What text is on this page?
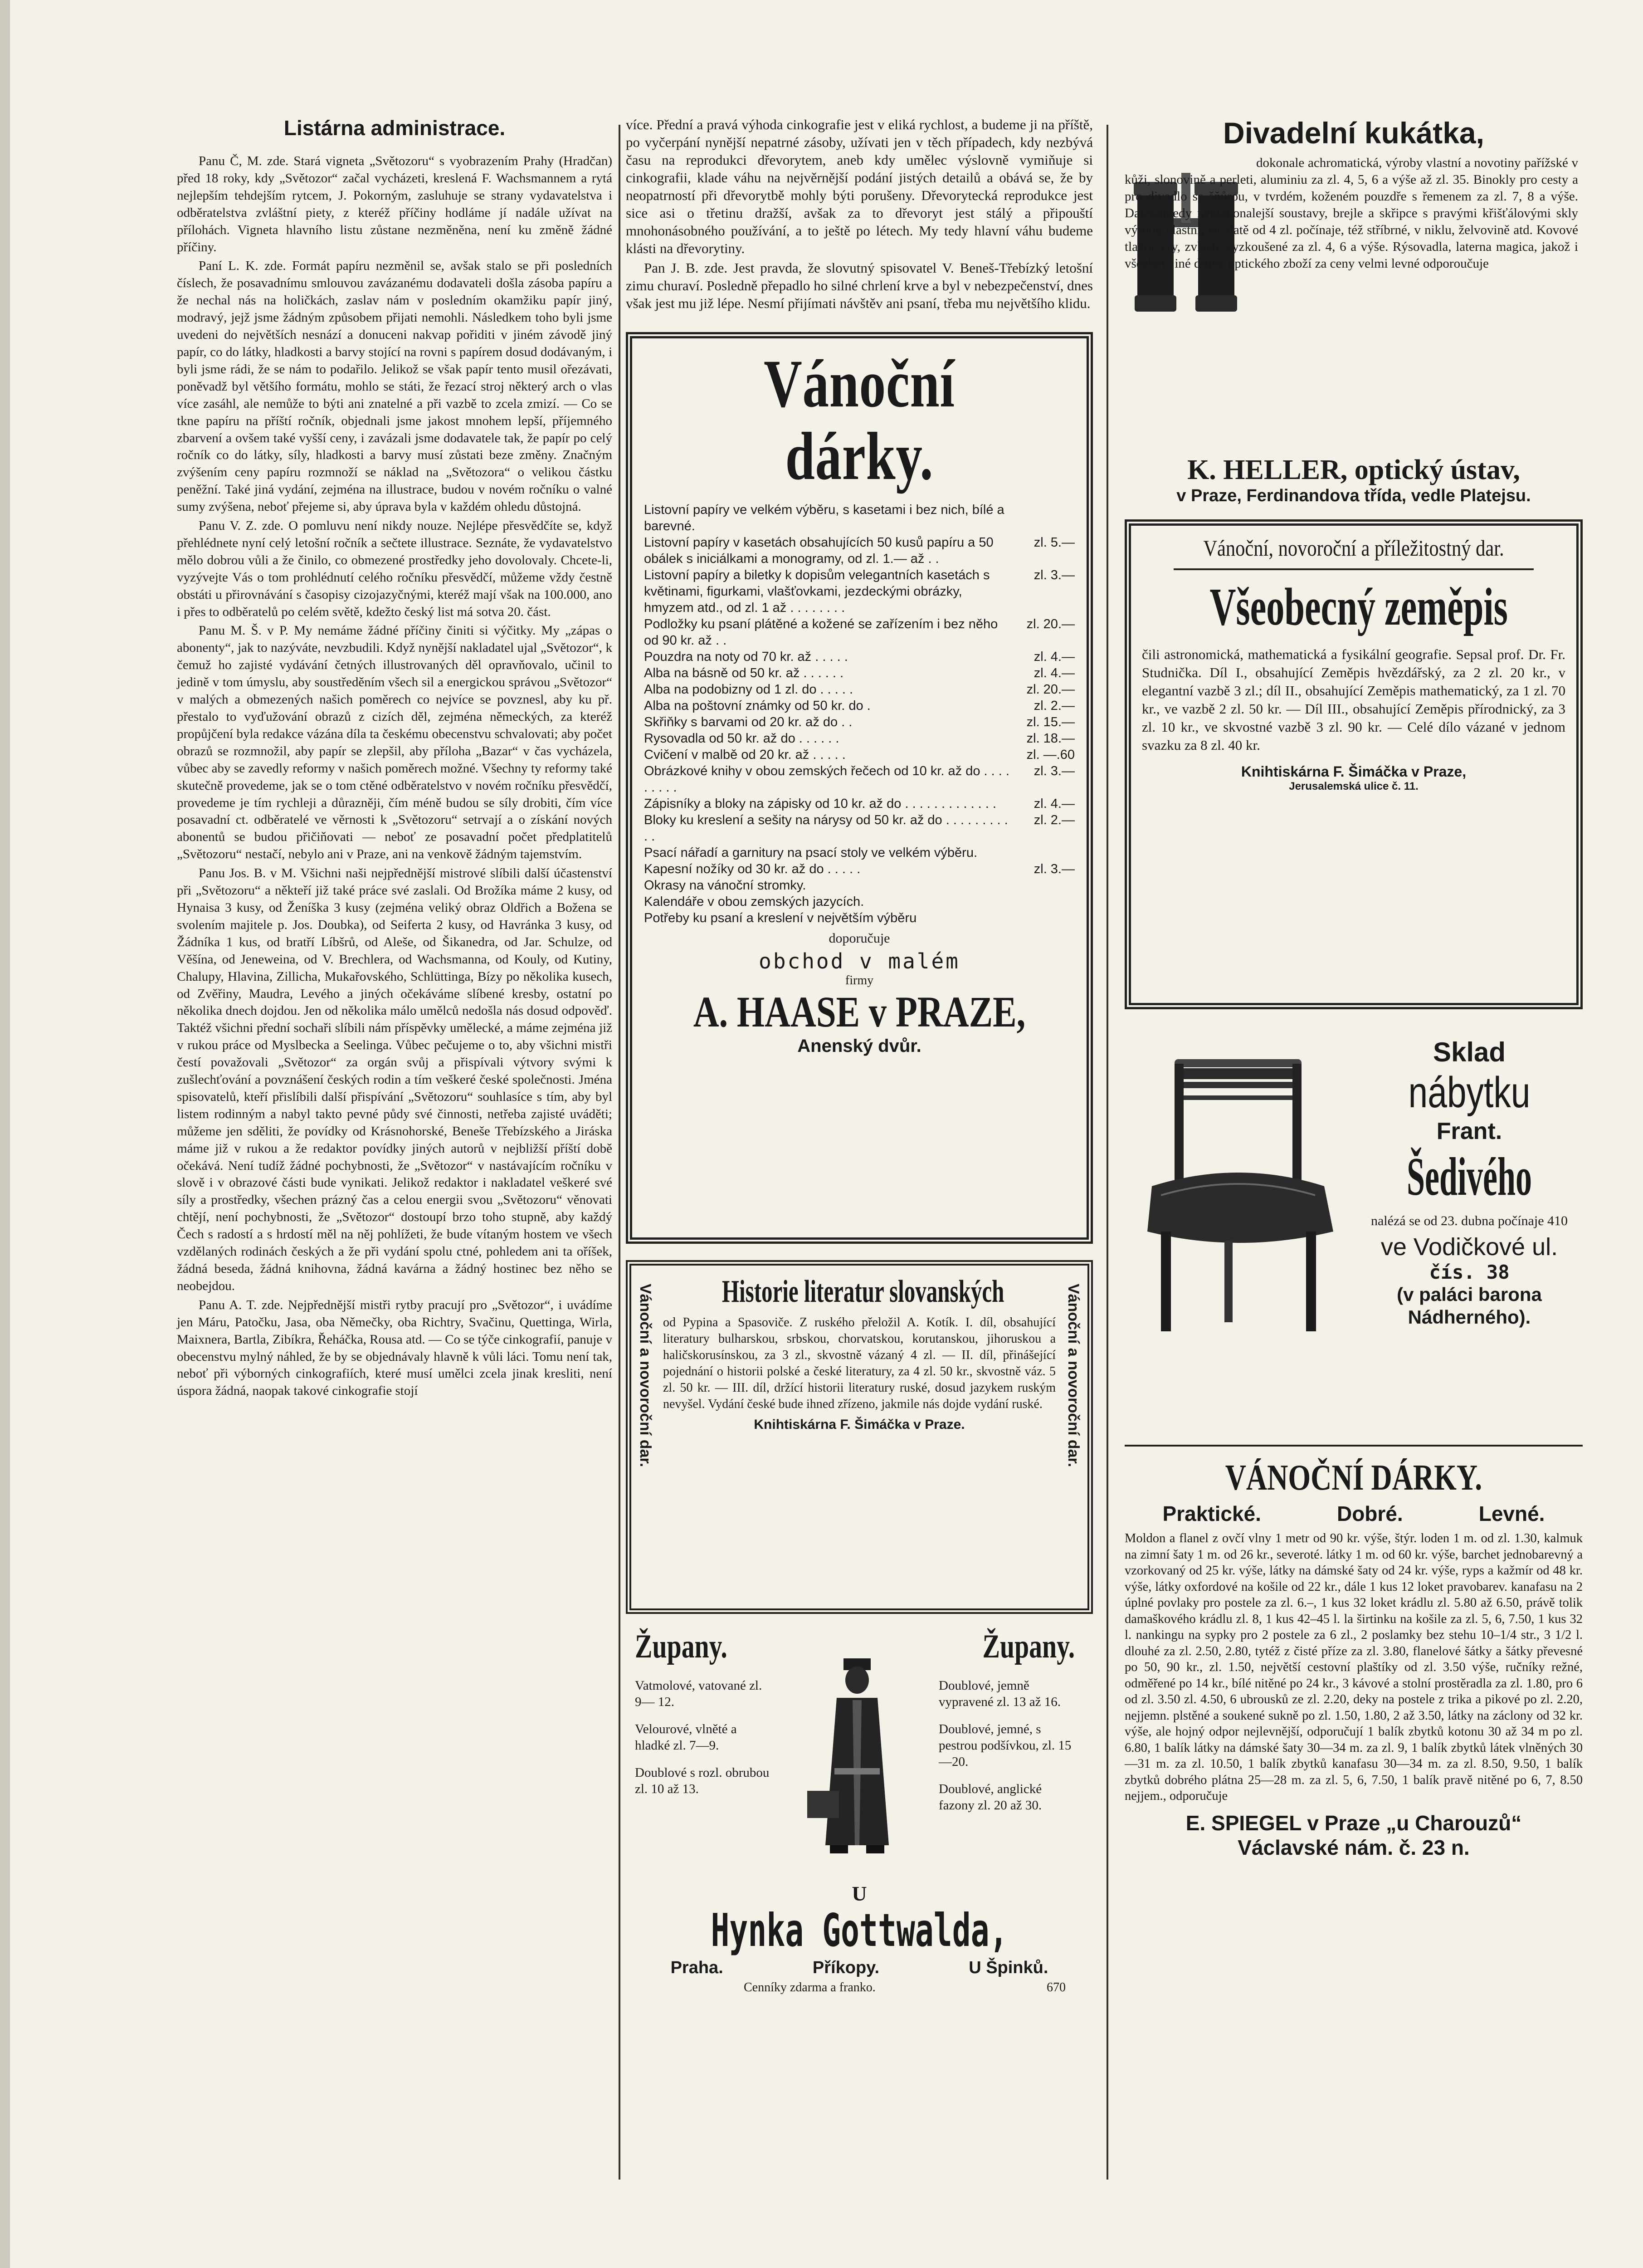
Listárna administrace.

Panu Č, M. zde. Stará vigneta „Světozoru“ s vyobrazením Prahy (Hradčan) před 18 roky, kdy „Světozor“ začal vycházeti, kreslená F. Wachsmannem a rytá nejlepším tehdejším rytcem, J. Pokorným, zasluhuje se strany vydavatelstva i odběratelstva zvláštní piety, z kteréž příčiny hodláme jí nadále užívat na přílohách. Vigneta hlavního listu zůstane nezměněna, není ku změně žádné příčiny.

Paní L. K. zde. Formát papíru nezměnil se, avšak stalo se při posledních číslech, že posavadnímu smlouvou zavázanému dodavateli došla zásoba papíru a že nechal nás na holičkách, zaslav nám v posledním okamžiku papír jiný, modravý, jejž jsme žádným způsobem přijati nemohli. Následkem toho byli jsme uvedeni do největších nesnází a donuceni nakvap pořiditi v jiném závodě jiný papír, co do látky, hladkosti a barvy stojící na rovni s papírem dosud dodávaným, i byli jsme rádi, že se nám to podařilo. Jelikož se však papír tento musil ořezávati, poněvadž byl většího formátu, mohlo se státi, že řezací stroj některý arch o vlas více zasáhl, ale nemůže to býti ani znatelné a při vazbě to zcela zmizí. — Co se tkne papíru na příští ročník, objednali jsme jakost mnohem lepší, příjemného zbarvení a ovšem také vyšší ceny, i zavázali jsme dodavatele tak, že papír po celý ročník co do látky, síly, hladkosti a barvy musí zůstati beze změny. Značným zvýšením ceny papíru rozmnoží se náklad na „Světozora“ o velikou částku peněžní. Také jiná vydání, zejména na illustrace, budou v novém ročníku o valné sumy zvýšena, neboť přejeme si, aby úprava byla v každém ohledu důstojná.

Panu V. Z. zde. O pomluvu není nikdy nouze. Nejlépe přesvědčíte se, když přehlédnete nyní celý letošní ročník a sečtete illustrace. Seznáte, že vydavatelstvo mělo dobrou vůli a že činilo, co obmezené prostředky jeho dovolovaly. Chcete-li, vyzývejte Vás o tom prohlédnutí celého ročníku přesvědčí, můžeme vždy čestně obstáti u přirovnávání s časopisy cizojazyčnými, kteréž mají však na 100.000, ano i přes to odběratelů po celém světě, kdežto český list má sotva 20. část.

Panu M. Š. v P. My nemáme žádné příčiny činiti si výčitky. My „zápas o abonenty“, jak to nazýváte, nevzbudili. Když nynější nakladatel ujal „Světozor“, k čemuž ho zajisté vydávání četných illustrovaných děl opravňovalo, učinil to jedině v tom úmyslu, aby soustředěním všech sil a energickou správou „Světozor“ v malých a obmezených našich poměrech co nejvíce se povznesl, aby ku př. přestalo to vyďužování obrazů z cizích děl, zejména německých, za kteréž propůjčení byla redakce vázána díla ta českému obecenstvu schvalovati; aby počet obrazů se rozmnožil, aby papír se zlepšil, aby příloha „Bazar“ v čas vycházela, vůbec aby se zavedly reformy v našich poměrech možné. Všechny ty reformy také skutečně provedeme, jak se o tom ctěné odběratelstvo v novém ročníku přesvědčí, provedeme je tím rychleji a důrazněji, čím méně budou se síly drobiti, čím více posavadní ct. odběratelé ve věrnosti k „Světozoru“ setrvají a o získání nových abonentů se budou přičiňovati — neboť ze posavadní počet předplatitelů „Světozoru“ nestačí, nebylo ani v Praze, ani na venkově žádným tajemstvím.

Panu Jos. B. v M. Všichni naši nejpřednější mistrové slíbili další účastenství při „Světozoru“ a někteří již také práce své zaslali. Od Brožíka máme 2 kusy, od Hynaisa 3 kusy, od Ženíška 3 kusy (zejména veliký obraz Oldřich a Božena se svolením majitele p. Jos. Doubka), od Seiferta 2 kusy, od Havránka 3 kusy, od Žádníka 1 kus, od bratří Líbšrů, od Aleše, od Šikanedra, od Jar. Schulze, od Věšína, od Jeneweina, od V. Brechlera, od Wachsmanna, od Kouly, od Kutiny, Chalupy, Hlavina, Zillicha, Mukařovského, Schlüttinga, Bízy po několika kusech, od Zvěřiny, Maudra, Levého a jiných očekáváme slíbené kresby, ostatní po několika dnech dojdou. Jen od několika málo umělců nedošla nás dosud odpověď. Taktéž všichni přední sochaři slíbili nám příspěvky umělecké, a máme zejména již v rukou práce od Myslbecka a Seelinga. Vůbec pečujeme o to, aby všichni mistři čestí považovali „Světozor“ za orgán svůj a přispívali výtvory svými k zušlechťování a povznášení českých rodin a tím veškeré české společnosti. Jména spisovatelů, kteří přislíbili další přispívání „Světozoru“ souhlasíce s tím, aby byl listem rodinným a nabyl takto pevné půdy své činnosti, netřeba zajisté uváděti; můžeme jen sděliti, že povídky od Krásnohorské, Beneše Třebízského a Jiráska máme již v rukou a že redaktor povídky jiných autorů v nejbližší příští době očekává. Není tudíž žádné pochybnosti, že „Světozor“ v nastávajícím ročníku v slově i v obrazové části bude vynikati. Jelikož redaktor i nakladatel veškeré své síly a prostředky, všechen prázný čas a celou energii svou „Světozoru“ věnovati chtějí, není pochybnosti, že „Světozor“ dostoupí brzo toho stupně, aby každý Čech s radostí a s hrdostí měl na něj pohlížeti, že bude vítaným hostem ve všech vzdělaných rodinách českých a že při vydání spolu ctné, pohledem ani ta oříšek, žádná beseda, žádná knihovna, žádná kavárna a žádný hostinec bez něho se neobejdou.

Panu A. T. zde. Nejpřednější mistři rytby pracují pro „Světozor“, i uvádíme jen Máru, Patočku, Jasa, oba Němečky, oba Richtry, Svačinu, Quettinga, Wirla, Maixnera, Bartla, Zibíkra, Řeháčka, Rousa atd. — Co se týče cinkografií, panuje v obecenstvu mylný náhled, že by se objednávaly hlavně k vůli láci. Tomu není tak, neboť při výborných cinkografiích, které musí umělci zcela jinak kresliti, není úspora žádná, naopak takové cinkografie stojí

více. Přední a pravá výhoda cinkografie jest v eliká rychlost, a budeme ji na příště, po vyčerpání nynější nepatrné zásoby, užívati jen v těch případech, kdy nezbývá času na reprodukci dřevorytem, aneb kdy umělec výslovně vymiňuje si cinkografii, klade váhu na nejvěrnější podání jistých detailů a obává se, že by neopatrností při dřevorytbě mohly býti porušeny. Dřevorytecká reprodukce jest sice asi o třetinu dražší, avšak za to dřevoryt jest stálý a připouští mnohonásobného používání, a to ještě po létech. My tedy hlavní váhu budeme klásti na dřevorytiny.

Pan J. B. zde. Jest pravda, že slovutný spisovatel V. Beneš-Třebízký letošní zimu churaví. Posledně přepadlo ho silné chrlení krve a byl v nebezpečenství, dnes však jest mu již lépe. Nesmí přijímati návštěv ani psaní, třeba mu největšího klidu.

Vánoční dárky.
Listovní papíry ve velkém výběru, s kasetami i bez nich, bílé a barevné.
Listovní papíry v kasetách obsahujících 50 kusů papíru a 50 obálek s iniciálkami a monogramy, od zl. 1.— až . .
zl. 5.—
Listovní papíry a biletky k dopisům velegantních kasetách s květinami, figurkami, vlašťovkami, jezdeckými obrázky, hmyzem atd., od zl. 1 až . . . . . . . .
zl. 3.—
Podložky ku psaní plátěné a kožené se zařízením i bez něho od 90 kr. až . .
zl. 20.—
Pouzdra na noty od 70 kr. až . . . . .	zl. 4.—
Alba na básně od 50 kr. až . . . . . .	zl. 4.—
Alba na podobizny od 1 zl. do . . . . .	zl. 20.—
Alba na poštovní známky od 50 kr. do .	zl. 2.—
Skřiňky s barvami od 20 kr. až do . .	zl. 15.—
Rysovadla od 50 kr. až do . . . . . .	zl. 18.—
Cvičení v malbě od 20 kr. až . . . . .	zl. —.60
Obrázkové knihy v obou zemských řečech od 10 kr. až do . . . . . . . . .
zl. 3.—
Zápisníky a bloky na zápisky od 10 kr. až do . . . . . . . . . . . . .	zl. 4.—
Bloky ku kreslení a sešity na nárysy od 50 kr. až do . . . . . . . . . . .
zl. 2.—
Psací nářadí a garnitury na psací stoly ve velkém výběru.
Kapesní nožíky od 30 kr. až do . . . . .	zl. 3.—
Okrasy na vánoční stromky.
Kalendáře v obou zemských jazycích.
Potřeby ku psaní a kreslení v největším výběru
doporučuje
obchod v malém
firmy
A. HAASE v PRAZE,
Anenský dvůr.
Vánoční a novoroční dar.	Vánoční a novoroční dar.
Historie literatur slovanských
od Pypina a Spasoviče. Z ruského přeložil A. Kotík. I. díl, obsahující literatury bulharskou, srbskou, chorvatskou, korutanskou, jihoruskou a haličskorusínskou, za 3 zl., skvostně vázaný 4 zl. — II. díl, přinášející pojednání o historii polské a české literatury, za 4 zl. 50 kr., skvostně váz. 5 zl. 50 kr. — III. díl, držící historii literatury ruské, dosud jazykem ruským nevyšel. Vydání české bude ihned zřízeno, jakmile nás dojde vydání ruské.
Knihtiskárna F. Šimáčka v Praze.
Župany.	Župany.

Vatmolové, vatované zl. 9— 12.

Velourové, vlněté a hladké zl. 7—9.

Doublové s rozl. obrubou zl. 10 až 13.

Doublové, jemně vypravené zl. 13 až 16.

Doublové, jemné, s pestrou podšívkou, zl. 15—20.

Doublové, anglické fazony zl. 20 až 30.

U
Hynka Gottwalda,
Praha.	Příkopy.	U Špinků.
Cenníky zdarma a franko.	670
Divadelní kukátka,
dokonale achromatická, výroby vlastní a novotiny pařížské v kůži, slonovině a perleti, aluminiu za zl. 4, 5, 6 a výše až zl. 35. Binokly pro cesty a pro divadlo se šňůrou, v tvrdém, koženém pouzdře s řemenem za zl. 7, 8 a výše. Dalekohledy nejdokonalejší soustavy, brejle a skřipce s pravými křišťálovými skly výroby vlastní, ve zlatě od 4 zl. počínaje, též stříbrné, v niklu, želvovině atd. Kovové tlakoměry, zvláště vyzkoušené za zl. 4, 6 a výše. Rýsovadla, laterna magica, jakož i všechny jiné druhy optického zboží za ceny velmi levné odporoučuje
K. HELLER, optický ústav,
v Praze, Ferdinandova třída, vedle Platejsu.
Vánoční, novoroční a příležitostný dar.
Všeobecný zeměpis
čili astronomická, mathematická a fysikální geografie. Sepsal prof. Dr. Fr. Studnička. Díl I., obsahující Zeměpis hvězdářský, za 2 zl. 20 kr., v elegantní vazbě 3 zl.; díl II., obsahující Zeměpis mathematický, za 1 zl. 70 kr., ve vazbě 2 zl. 50 kr. — Díl III., obsahující Zeměpis přírodnický, za 3 zl. 10 kr., ve skvostné vazbě 3 zl. 90 kr. — Celé dílo vázané v jednom svazku za 8 zl. 40 kr.
Knihtiskárna F. Šimáčka v Praze,
Jerusalemská ulice č. 11.
Sklad
nábytku
Frant.
Šedivého
nalézá se od 23. dubna počínaje 410
ve Vodičkové ul.
čís. 38
(v paláci barona Nádherného).
VÁNOČNÍ DÁRKY.
Praktické.	Dobré.	Levné.
Moldon a flanel z ovčí vlny 1 metr od 90 kr. výše, štýr. loden 1 m. od zl. 1.30, kalmuk na zimní šaty 1 m. od 26 kr., severoté. látky 1 m. od 60 kr. výše, barchet jednobarevný a vzorkovaný od 25 kr. výše, látky na dámské šaty od 24 kr. výše, ryps a kažmír od 48 kr. výše, látky oxfordové na košile od 22 kr., dále 1 kus 12 loket pravobarev. kanafasu na 2 úplné povlaky pro postele za zl. 6.–, 1 kus 32 loket krádlu zl. 5.80 až 6.50, právě tolik damaškového krádlu zl. 8, 1 kus 42–45 l. la širtinku na košile za zl. 5, 6, 7.50, 1 kus 32 l. nankingu na sypky pro 2 postele za 6 zl., 2 poslamky bez stehu 10–1/4 str., 3 1/2 l. dlouhé za zl. 2.50, 2.80, tytéž z čisté příze za zl. 3.80, flanelové šátky a šátky převesné po 50, 90 kr., zl. 1.50, největší cestovní plaštíky od zl. 3.50 výše, ručníky režné, odměřené po 14 kr., bílé nitěné po 24 kr., 3 kávové a stolní prostěradla za zl. 1.80, pro 6 od zl. 3.50 zl. 4.50, 6 ubrousků ze zl. 2.20, deky na postele z trika a pikové po zl. 2.20, nejjemn. plstěné a soukené sukně po zl. 1.50, 1.80, 2 až 3.50, látky na záclony od 32 kr. výše, ale hojný odpor nejlevnější, odporučují 1 balík zbytků kotonu 30 až 34 m po zl. 6.80, 1 balík látky na dámské šaty 30—34 m. za zl. 9, 1 balík zbytků látek vlněných 30—31 m. za zl. 10.50, 1 balík zbytků kanafasu 30—34 m. za zl. 8.50, 9.50, 1 balík zbytků dobrého plátna 25—28 m. za zl. 5, 6, 7.50, 1 balík pravě nitěné po 6, 7, 8.50 nejjem., odporučuje
E. SPIEGEL v Praze „u Charouzů“
Václavské nám. č. 23 n.
